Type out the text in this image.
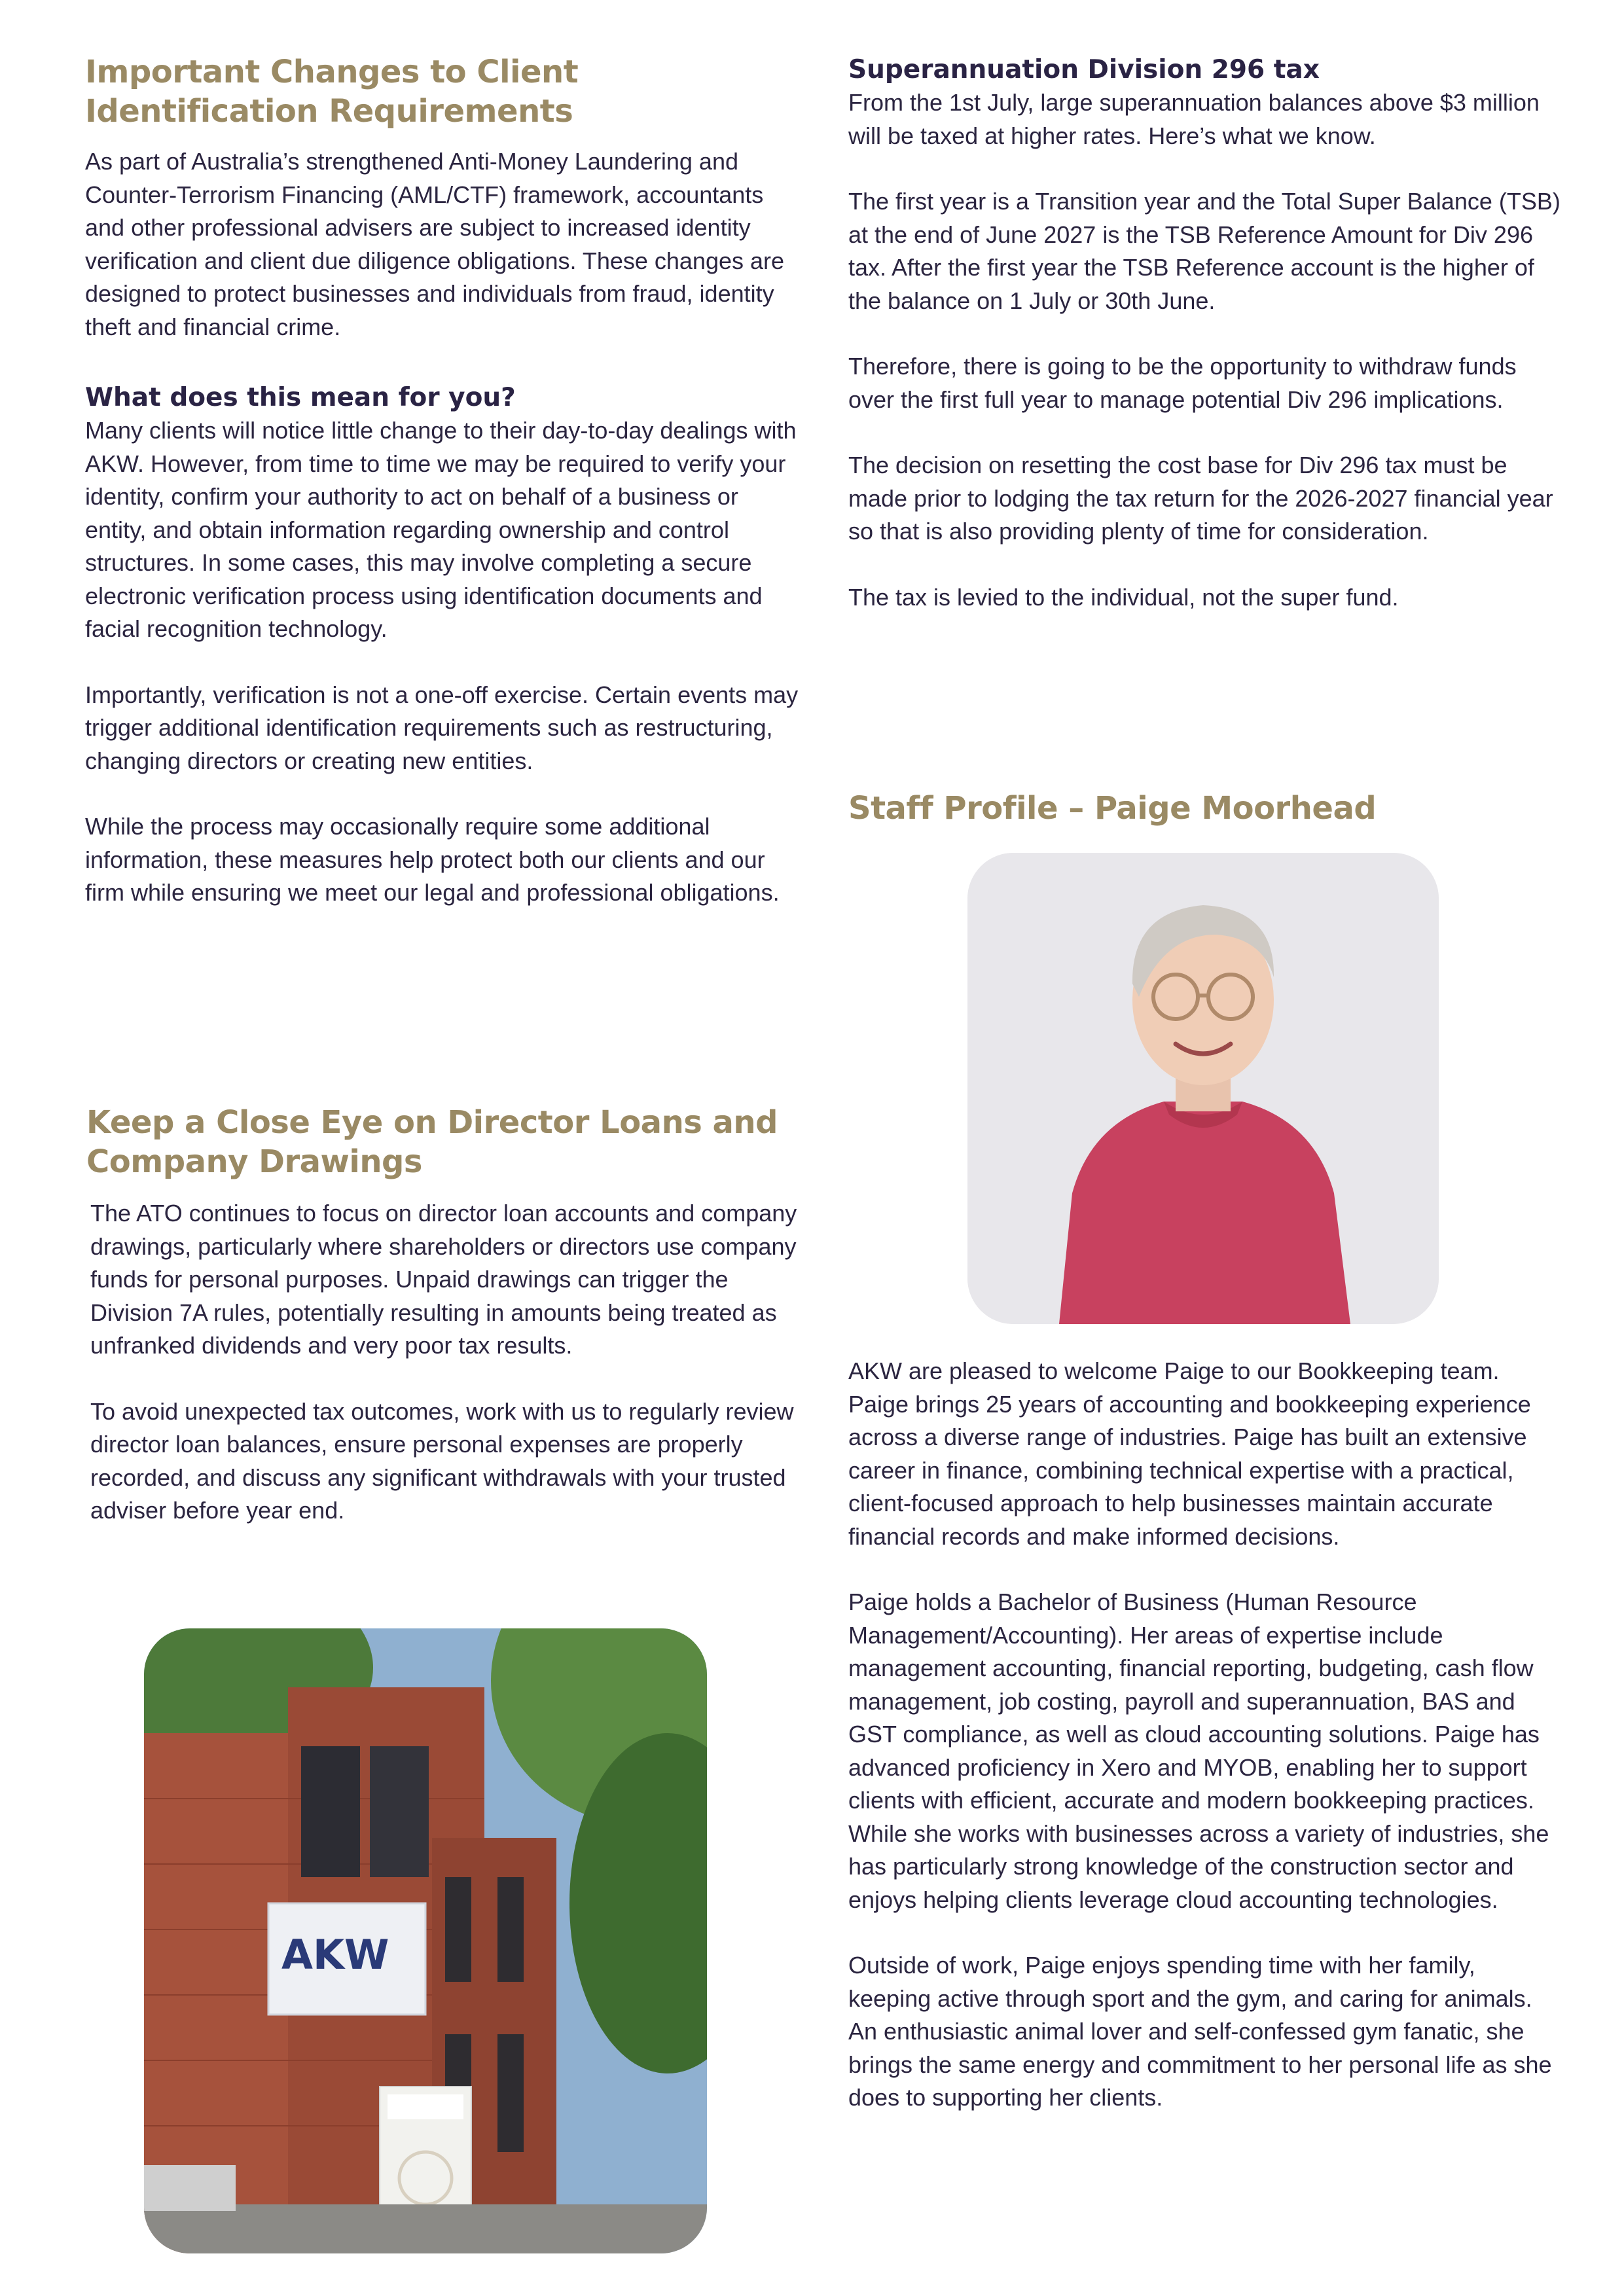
Important Changes to Client Identification Requirements

As part of Australia’s strengthened Anti-Money Laundering and Counter-Terrorism Financing (AML/CTF) framework, accountants and other professional advisers are subject to increased identity verification and client due diligence obligations. These changes are designed to protect businesses and individuals from fraud, identity theft and financial crime.

What does this mean for you?

Many clients will notice little change to their day-to-day dealings with AKW. However, from time to time we may be required to verify your identity, confirm your authority to act on behalf of a business or entity, and obtain information regarding ownership and control structures. In some cases, this may involve completing a secure electronic verification process using identification documents and facial recognition technology.

Importantly, verification is not a one-off exercise. Certain events may trigger additional identification requirements such as restructuring, changing directors or creating new entities.

While the process may occasionally require some additional information, these measures help protect both our clients and our firm while ensuring we meet our legal and professional obligations.

Keep a Close Eye on Director Loans and Company Drawings

The ATO continues to focus on director loan accounts and company drawings, particularly where shareholders or directors use company funds for personal purposes. Unpaid drawings can trigger the Division 7A rules, potentially resulting in amounts being treated as unfranked dividends and very poor tax results.

To avoid unexpected tax outcomes, work with us to regularly review director loan balances, ensure personal expenses are properly recorded, and discuss any significant withdrawals with your trusted adviser before year end.

AKW
Superannuation Division 296 tax

From the 1st July, large superannuation balances above $3 million will be taxed at higher rates. Here’s what we know.

The first year is a Transition year and the Total Super Balance (TSB) at the end of June 2027 is the TSB Reference Amount for Div 296 tax. After the first year the TSB Reference account is the higher of the balance on 1 July or 30th June.

Therefore, there is going to be the opportunity to withdraw funds over the first full year to manage potential Div 296 implications.

The decision on resetting the cost base for Div 296 tax must be made prior to lodging the tax return for the 2026-2027 financial year so that is also providing plenty of time for consideration.

The tax is levied to the individual, not the super fund.

Staff Profile – Paige Moorhead

AKW are pleased to welcome Paige to our Bookkeeping team. Paige brings 25 years of accounting and bookkeeping experience across a diverse range of industries. Paige has built an extensive career in finance, combining technical expertise with a practical, client-focused approach to help businesses maintain accurate financial records and make informed decisions.

Paige holds a Bachelor of Business (Human Resource Management/Accounting). Her areas of expertise include management accounting, financial reporting, budgeting, cash flow management, job costing, payroll and superannuation, BAS and GST compliance, as well as cloud accounting solutions. Paige has advanced proficiency in Xero and MYOB, enabling her to support clients with efficient, accurate and modern bookkeeping practices. While she works with businesses across a variety of industries, she has particularly strong knowledge of the construction sector and enjoys helping clients leverage cloud accounting technologies.

Outside of work, Paige enjoys spending time with her family, keeping active through sport and the gym, and caring for animals. An enthusiastic animal lover and self-confessed gym fanatic, she brings the same energy and commitment to her personal life as she does to supporting her clients.
